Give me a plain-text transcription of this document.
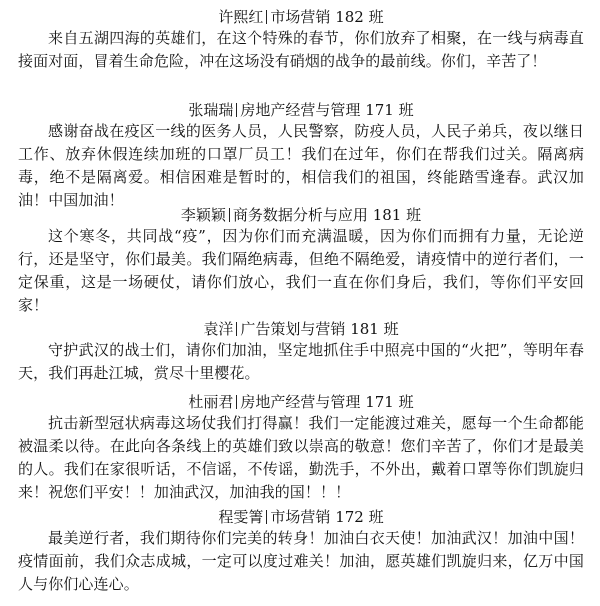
许熙红 市场营销 182 班
来自五湖四海的英雄们，在这个特殊的春节，你们放弃了相聚，在一线与病毒直接面对面，冒着生命危险，冲在这场没有硝烟的战争的最前线。你们，辛苦了！
张瑞瑞 房地产经营与管理 171 班
感谢奋战在疫区一线的医务人员，人民警察，防疫人员，人民子弟兵，夜以继日工作、放弃休假连续加班的口罩厂员工！我们在过年，你们在帮我们过关。隔离病毒，绝不是隔离爱。相信困难是暂时的，相信我们的祖国，终能踏雪逢春。武汉加油！中国加油！
李颖颖 商务数据分析与应用 181 班
这个寒冬，共同战“疫”，因为你们而充满温暖，因为你们而拥有力量，无论逆行，还是坚守，你们最美。我们隔绝病毒，但绝不隔绝爱，请疫情中的逆行者们，一定保重，这是一场硬仗，请你们放心，我们一直在你们身后，我们，等你们平安回家！
袁洋 广告策划与营销 181 班
守护武汉的战士们，请你们加油，坚定地抓住手中照亮中国的“火把”，等明年春天，我们再赴江城，赏尽十里樱花。
杜丽君 房地产经营与管理 171 班
抗击新型冠状病毒这场仗我们打得赢！我们一定能渡过难关，愿每一个生命都能被温柔以待。在此向各条线上的英雄们致以崇高的敬意！您们辛苦了，你们才是最美的人。我们在家很听话，不信谣，不传谣，勤洗手，不外出，戴着口罩等你们凯旋归来！祝您们平安！！加油武汉，加油我的国！！！
程雯箐 市场营销 172 班
最美逆行者，我们期待你们完美的转身！加油白衣天使！加油武汉！加油中国！疫情面前，我们众志成城，一定可以度过难关！加油，愿英雄们凯旋归来，亿万中国人与你们心连心。
